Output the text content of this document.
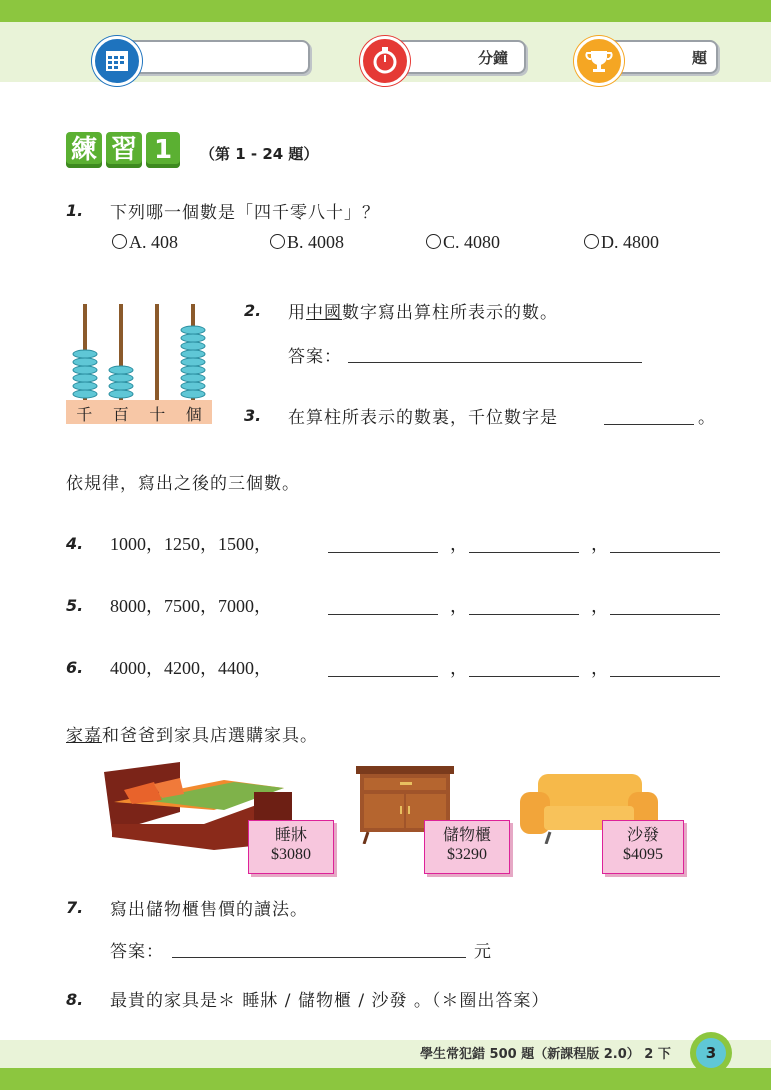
分鐘	題
練 習 1	（第 1 - 24 題）
1. 下列哪一個數是「四千零八十」？
A. 408	B. 4008	C. 4080	D. 4800
千 百 十 個
2. 用中國數字寫出算柱所表示的數。
答案：
3. 在算柱所表示的數裏，千位數字是	。
依規律，寫出之後的三個數。
4. 1000，1250，1500，	，	，
5. 8000，7500，7000，	，	，
6. 4000，4200，4400，	，	，
家嘉和爸爸到家具店選購家具。
睡牀
$3080
儲物櫃
$3290
沙發
$4095
7. 寫出儲物櫃售價的讀法。
答案：	元
8. 最貴的家具是＊ 睡牀 / 儲物櫃 / 沙發 。（＊圈出答案）
學生常犯錯 500 題（新課程版 2.0） 2 下	3
